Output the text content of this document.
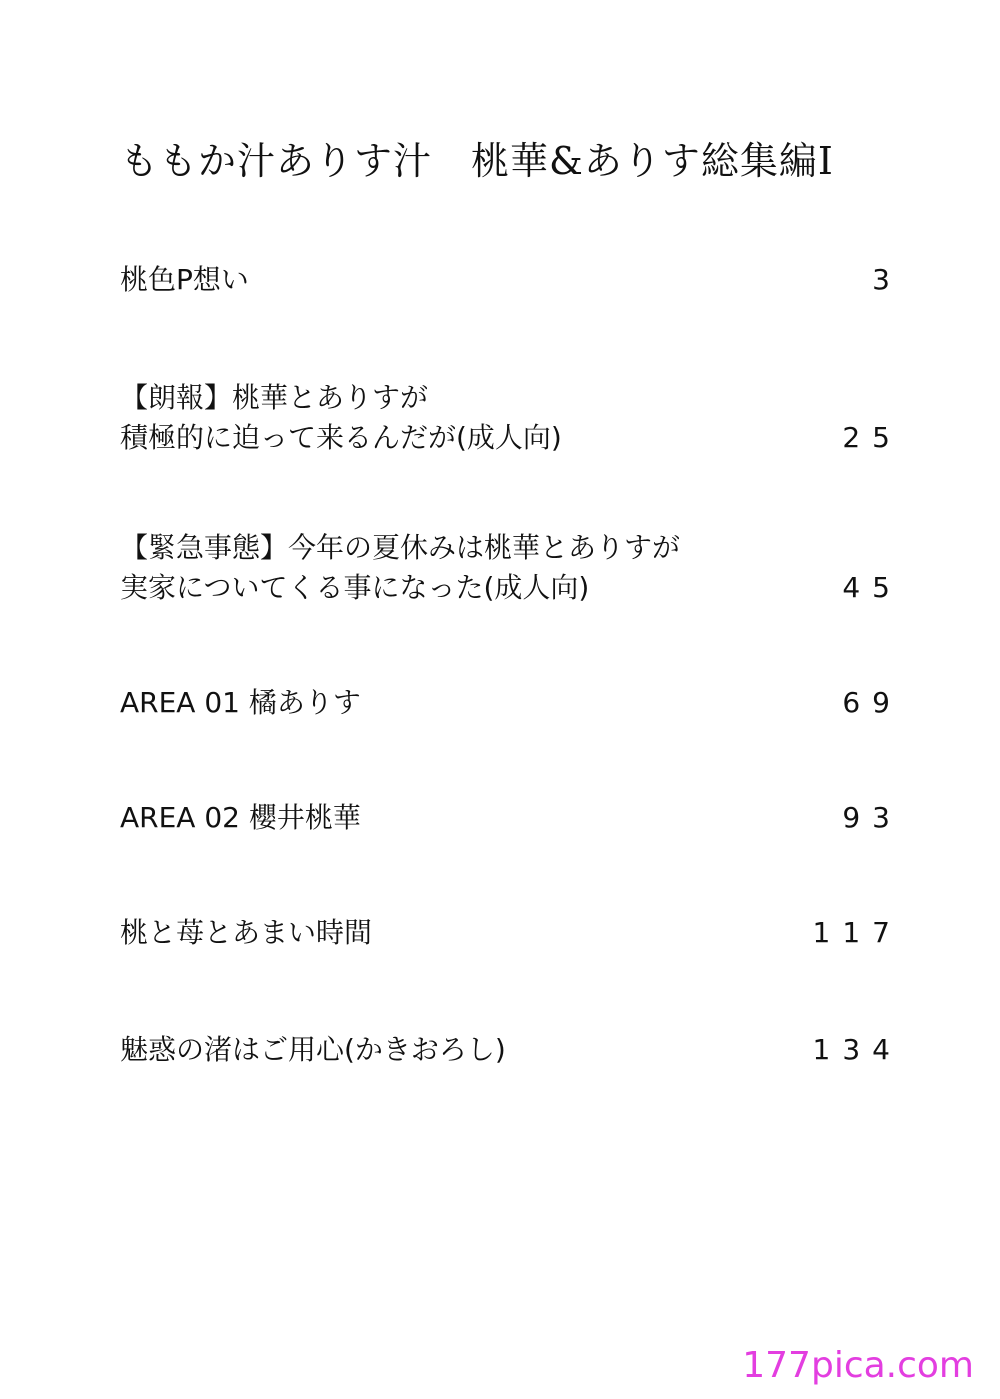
ももか汁ありす汁　桃華&ありす総集編Ⅰ
桃色P想い	3
【朗報】桃華とありすが
積極的に迫って来るんだが(成人向)	25
【緊急事態】今年の夏休みは桃華とありすが
実家についてくる事になった(成人向)	45
AREA 01 橘ありす	69
AREA 02 櫻井桃華	93
桃と苺とあまい時間	117
魅惑の渚はご用心(かきおろし)	134
177pica.com
